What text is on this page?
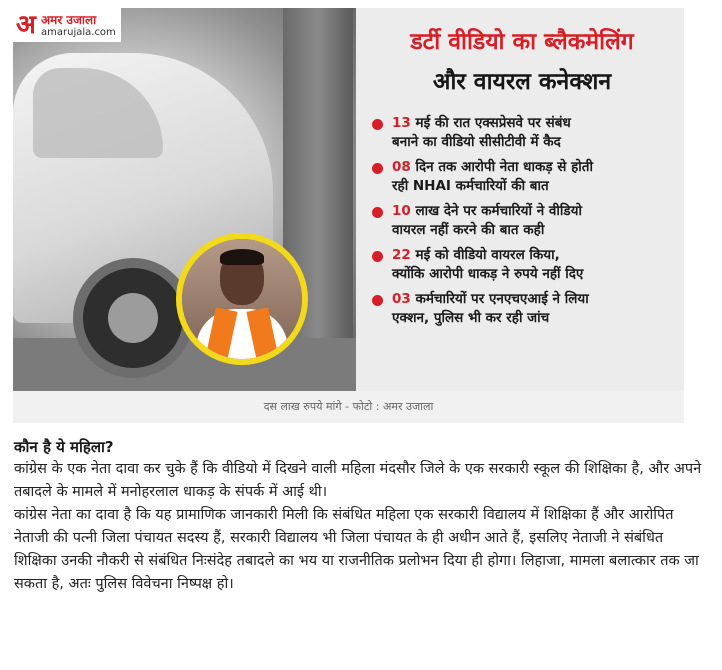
अ अमर उजाला
amarujala.com	डर्टी वीडियो का ब्लैकमेलिंग
और वायरल कनेक्शन
13 मई की रात एक्सप्रेसवे पर संबंध
बनाने का वीडियो सीसीटीवी में कैद
08 दिन तक आरोपी नेता धाकड़ से होती
रही NHAI कर्मचारियों की बात
10 लाख देने पर कर्मचारियों ने वीडियो
वायरल नहीं करने की बात कही
22 मई को वीडियो वायरल किया,
क्योंकि आरोपी धाकड़ ने रुपये नहीं दिए
03 कर्मचारियों पर एनएचएआई ने लिया
एक्शन, पुलिस भी कर रही जांच
दस लाख रुपये मांगे - फोटो : अमर उजाला
कौन है ये महिला?

कांग्रेस के एक नेता दावा कर चुके हैं कि वीडियो में दिखने वाली महिला मंदसौर जिले के एक सरकारी स्कूल की शिक्षिका है, और अपने तबादले के मामले में मनोहरलाल धाकड़ के संपर्क में आई थी।

कांग्रेस नेता का दावा है कि यह प्रामाणिक जानकारी मिली कि संबंधित महिला एक सरकारी विद्यालय में शिक्षिका हैं और आरोपित नेताजी की पत्नी जिला पंचायत सदस्य हैं, सरकारी विद्यालय भी जिला पंचायत के ही अधीन आते हैं, इसलिए नेताजी ने संबंधित शिक्षिका उनकी नौकरी से संबंधित निःसंदेह तबादले का भय या राजनीतिक प्रलोभन दिया ही होगा। लिहाजा, मामला बलात्कार तक जा सकता है, अतः पुलिस विवेचना निष्पक्ष हो।
